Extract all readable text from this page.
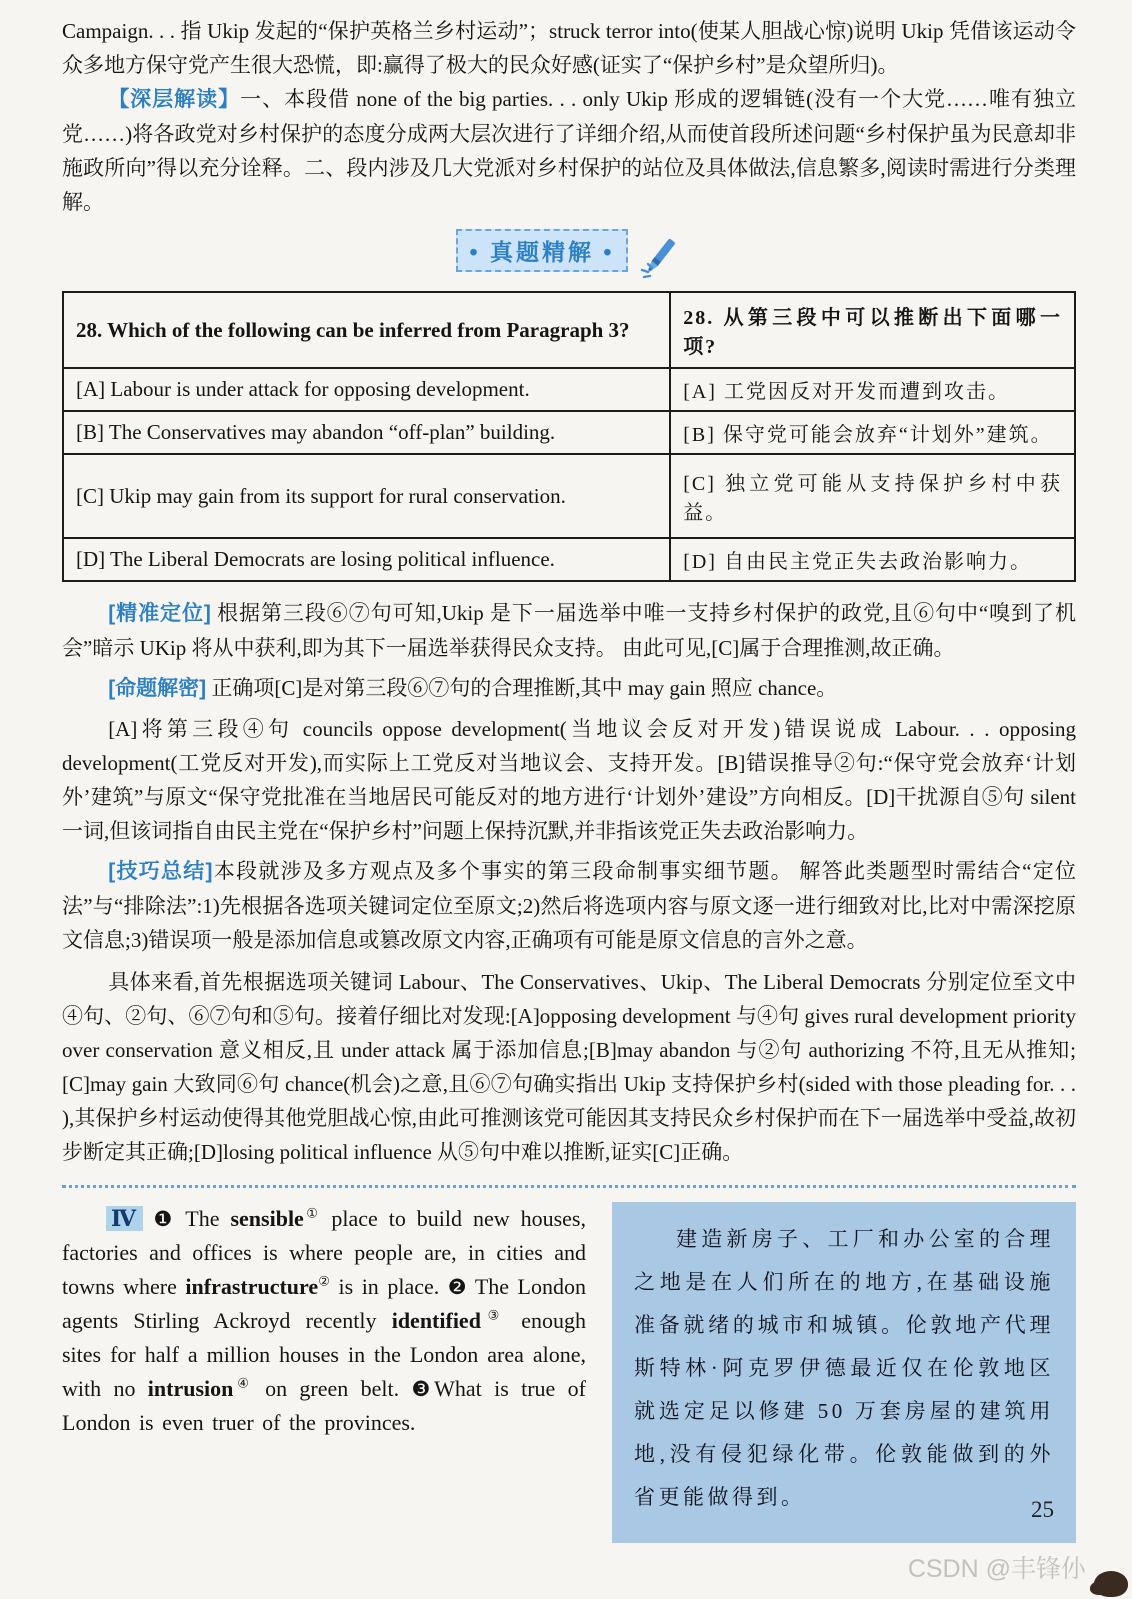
Campaign. . . 指 Ukip 发起的“保护英格兰乡村运动”；struck terror into(使某人胆战心惊)说明 Ukip 凭借该运动令众多地方保守党产生很大恐慌，即:赢得了极大的民众好感(证实了“保护乡村”是众望所归)。

【深层解读】一、本段借 none of the big parties. . . only Ukip 形成的逻辑链(没有一个大党……唯有独立党……)将各政党对乡村保护的态度分成两大层次进行了详细介绍,从而使首段所述问题“乡村保护虽为民意却非施政所向”得以充分诠释。二、段内涉及几大党派对乡村保护的站位及具体做法,信息繁多,阅读时需进行分类理解。

• 真题精解 •
28. Which of the following can be inferred from Paragraph 3?	28. 从第三段中可以推断出下面哪一项?
[A] Labour is under attack for opposing development.	[A] 工党因反对开发而遭到攻击。
[B] The Conservatives may abandon “off-plan” building.	[B] 保守党可能会放弃“计划外”建筑。
[C] Ukip may gain from its support for rural conservation.	[C] 独立党可能从支持保护乡村中获益。
[D] The Liberal Democrats are losing political influence.	[D] 自由民主党正失去政治影响力。

[精准定位] 根据第三段⑥⑦句可知,Ukip 是下一届选举中唯一支持乡村保护的政党,且⑥句中“嗅到了机会”暗示 UKip 将从中获利,即为其下一届选举获得民众支持。 由此可见,[C]属于合理推测,故正确。

[命题解密] 正确项[C]是对第三段⑥⑦句的合理推断,其中 may gain 照应 chance。

[A]将第三段④句 councils oppose development(当地议会反对开发)错误说成 Labour. . . opposing development(工党反对开发),而实际上工党反对当地议会、支持开发。[B]错误推导②句:“保守党会放弃‘计划外’建筑”与原文“保守党批准在当地居民可能反对的地方进行‘计划外’建设”方向相反。[D]干扰源自⑤句 silent 一词,但该词指自由民主党在“保护乡村”问题上保持沉默,并非指该党正失去政治影响力。

[技巧总结]本段就涉及多方观点及多个事实的第三段命制事实细节题。 解答此类题型时需结合“定位法”与“排除法”:1)先根据各选项关键词定位至原文;2)然后将选项内容与原文逐一进行细致对比,比对中需深挖原文信息;3)错误项一般是添加信息或篡改原文内容,正确项有可能是原文信息的言外之意。

具体来看,首先根据选项关键词 Labour、The Conservatives、Ukip、The Liberal Democrats 分别定位至文中④句、②句、⑥⑦句和⑤句。接着仔细比对发现:[A]opposing development 与④句 gives rural development priority over conservation 意义相反,且 under attack 属于添加信息;[B]may abandon 与②句 authorizing 不符,且无从推知;[C]may gain 大致同⑥句 chance(机会)之意,且⑥⑦句确实指出 Ukip 支持保护乡村(sided with those pleading for. . . ),其保护乡村运动使得其他党胆战心惊,由此可推测该党可能因其支持民众乡村保护而在下一届选举中受益,故初步断定其正确;[D]losing political influence 从⑤句中难以推断,证实[C]正确。

Ⅳ ❶ The sensible① place to build new houses, factories and offices is where people are, in cities and towns where infrastructure② is in place. ❷ The London agents Stirling Ackroyd recently identified③ enough sites for half a million houses in the London area alone, with no intrusion④ on green belt. ❸What is true of London is even truer of the provinces.

建造新房子、工厂和办公室的合理之地是在人们所在的地方,在基础设施准备就绪的城市和城镇。伦敦地产代理斯特林·阿克罗伊德最近仅在伦敦地区就选定足以修建 50 万套房屋的建筑用地,没有侵犯绿化带。伦敦能做到的外省更能做得到。	25
CSDN @丰锋仦
